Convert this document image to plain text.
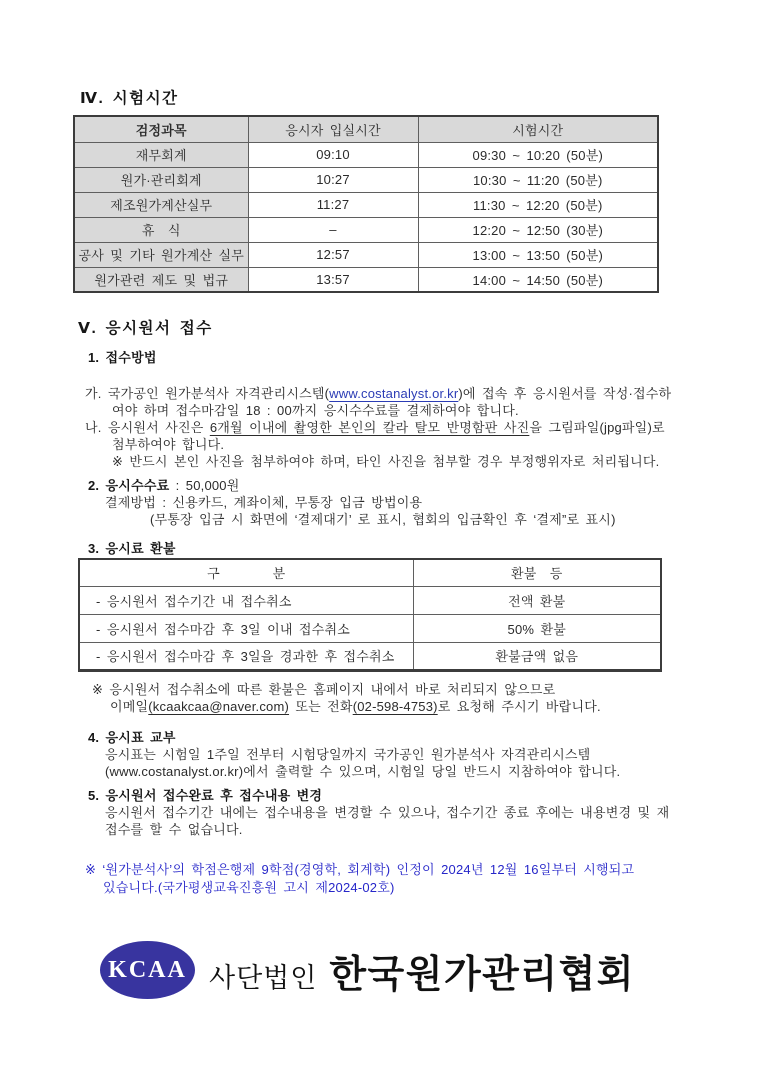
Ⅳ. 시험시간
검정과목	응시자 입실시간	시험시간
재무회계	09:10	09:30 ~ 10:20 (50분)
원가·관리회계	10:27	10:30 ~ 11:20 (50분)
제조원가계산실무	11:27	11:30 ~ 12:20 (50분)
휴　식	–	12:20 ~ 12:50 (30분)
공사 및 기타 원가계산 실무	12:57	13:00 ~ 13:50 (50분)
원가관련 제도 및 법규	13:57	14:00 ~ 14:50 (50분)
Ⅴ. 응시원서 접수
1. 접수방법
가. 국가공인 원가분석사 자격관리시스템(www.costanalyst.or.kr)에 접속 후 응시원서를 작성·접수하
여야 하며 접수마감일 18 : 00까지 응시수수료를 결제하여야 합니다.
나. 응시원서 사진은 6개월 이내에 촬영한 본인의 칼라 탈모 반명함판 사진을 그림파일(jpg파일)로
첨부하여야 합니다.
※ 반드시 본인 사진을 첨부하여야 하며, 타인 사진을 첨부할 경우 부정행위자로 처리됩니다.
2. 응시수수료 : 50,000원
결제방법 : 신용카드, 계좌이체, 무통장 입금 방법이용
(무통장 입금 시 화면에 ‘결제대기’ 로 표시, 협회의 입금확인 후 ‘결제”로 표시)
3. 응시료 환불
구　　　　분	환불　등
- 응시원서 접수기간 내 접수취소	전액 환불
- 응시원서 접수마감 후 3일 이내 접수취소	50% 환불
- 응시원서 접수마감 후 3일을 경과한 후 접수취소	환불금액 없음
※ 응시원서 접수취소에 따른 환불은 홈페이지 내에서 바로 처리되지 않으므로
이메일(kcaakcaa@naver.com) 또는 전화(02-598-4753)로 요청해 주시기 바랍니다.
4. 응시표 교부
응시표는 시험일 1주일 전부터 시험당일까지 국가공인 원가분석사 자격관리시스템
(www.costanalyst.or.kr)에서 출력할 수 있으며, 시험일 당일 반드시 지참하여야 합니다.
5. 응시원서 접수완료 후 접수내용 변경
응시원서 접수기간 내에는 접수내용을 변경할 수 있으나, 접수기간 종료 후에는 내용변경 및 재
접수를 할 수 없습니다.
※ ‘원가분석사’의 학점은행제 9학점(경영학, 회계학) 인정이 2024년 12월 16일부터 시행되고
있습니다.(국가평생교육진흥원 고시 제2024-02호)
KCAA 사단법인 한국원가관리협회
